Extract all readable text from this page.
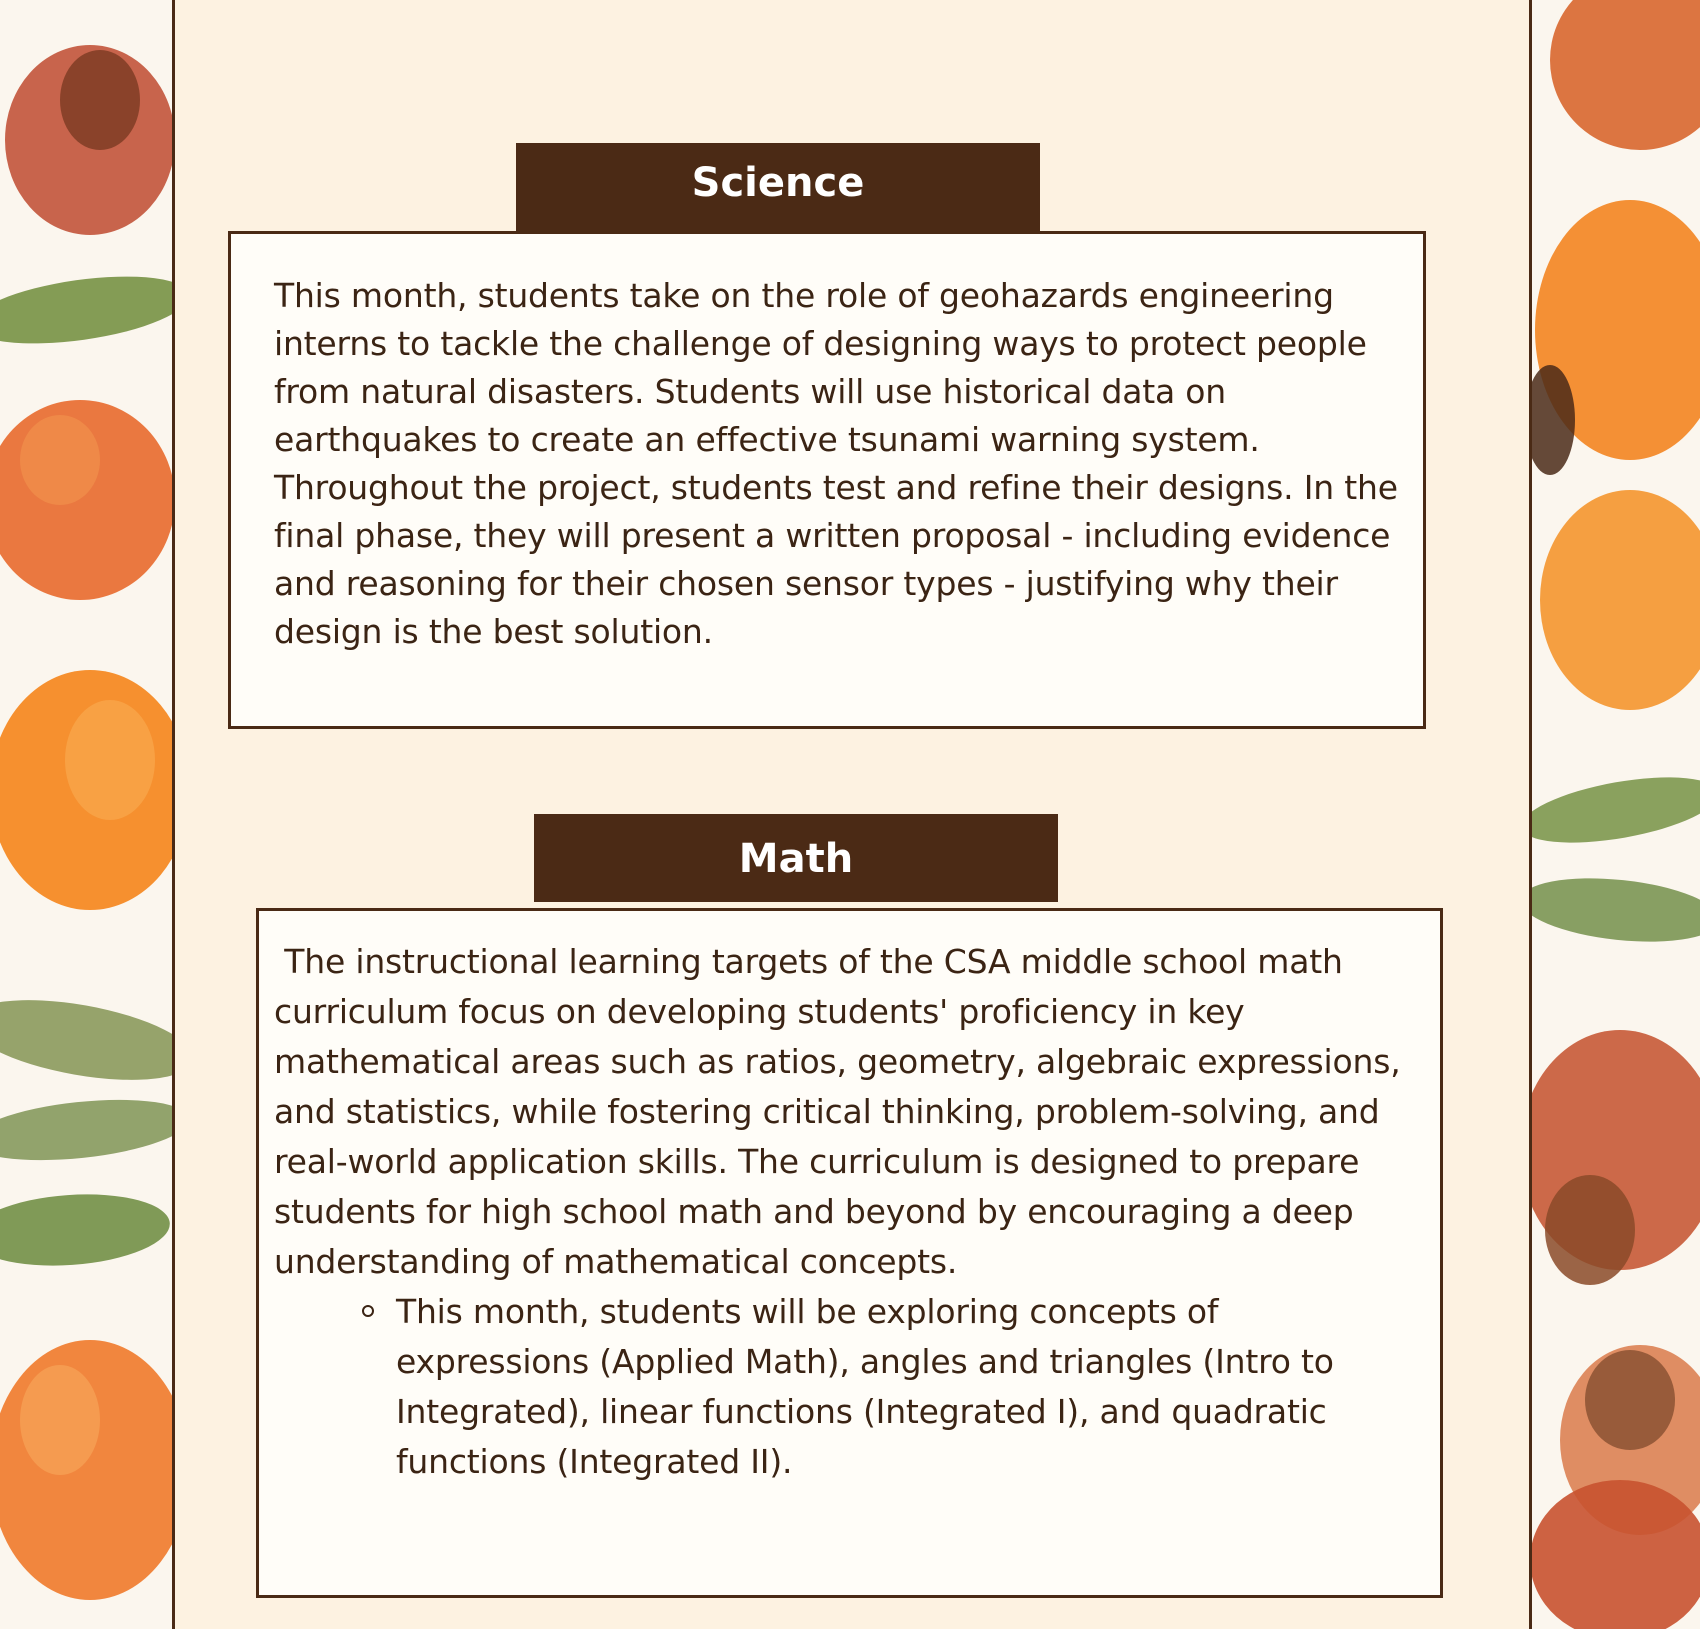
Science

This month, students take on the role of geohazards engineering interns to tackle the challenge of designing ways to protect people from natural disasters. Students will use historical data on earthquakes to create an effective tsunami warning system. Throughout the project, students test and refine their designs. In the final phase, they will present a written proposal - including evidence and reasoning for their chosen sensor types - justifying why their design is the best solution.

Math

The instructional learning targets of the CSA middle school math curriculum focus on developing students' proficiency in key mathematical areas such as ratios, geometry, algebraic expressions, and statistics, while fostering critical thinking, problem-solving, and real-world application skills. The curriculum is designed to prepare students for high school math and beyond by encouraging a deep understanding of mathematical concepts.

This month, students will be exploring concepts of expressions (Applied Math), angles and triangles (Intro to Integrated), linear functions (Integrated I), and quadratic functions (Integrated II).
